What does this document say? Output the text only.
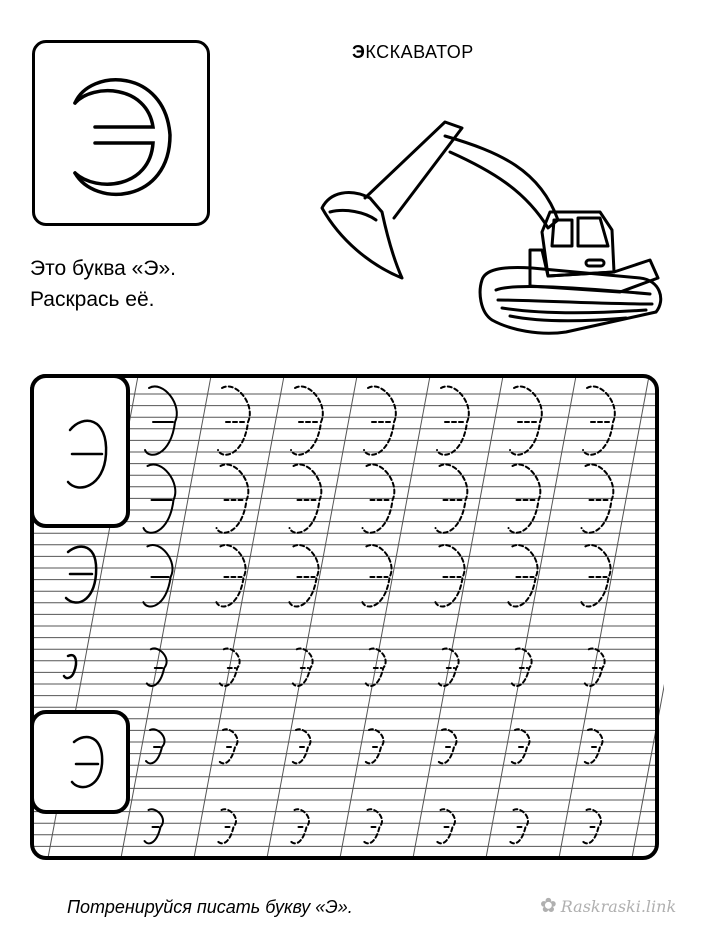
ЭКСКАВАТОР
Это буква «Э».
Раскрась её.
Потренируйся писать букву «Э».	✿ Raskraski.link
